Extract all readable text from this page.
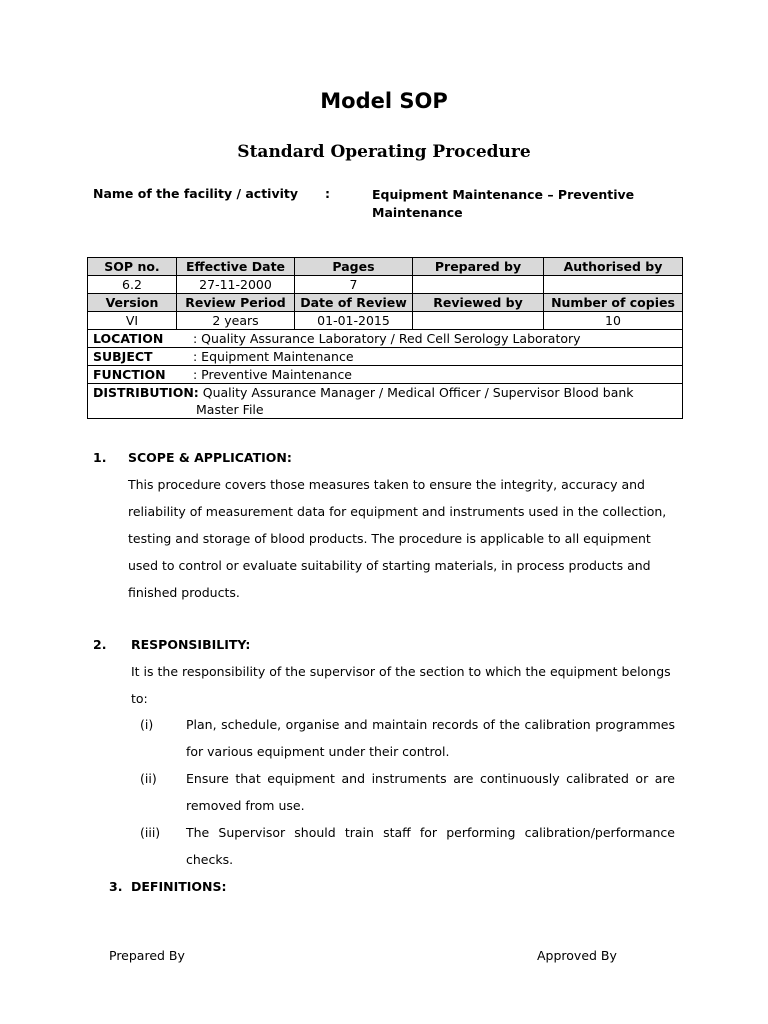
Model SOP
Standard Operating Procedure
Name of the facility / activity :	Equipment Maintenance – Preventive Maintenance
SOP no.	Effective Date	Pages	Prepared by	Authorised by
6.2	27-11-2000	7		
Version	Review Period	Date of Review	Reviewed by	Number of copies
VI	2 years	01-01-2015		10
LOCATION : Quality Assurance Laboratory / Red Cell Serology Laboratory				
SUBJECT : Equipment Maintenance				
FUNCTION : Preventive Maintenance				
DISTRIBUTION: Quality Assurance Manager / Medical Officer / Supervisor Blood bank
Master File				
1. SCOPE & APPLICATION:
This procedure covers those measures taken to ensure the integrity, accuracy and reliability of measurement data for equipment and instruments used in the collection, testing and storage of blood products. The procedure is applicable to all equipment used to control or evaluate suitability of starting materials, in process products and finished products.
2. RESPONSIBILITY:
It is the responsibility of the supervisor of the section to which the equipment belongs to:
(i)	Plan, schedule, organise and maintain records of the calibration programmes for various equipment under their control.
(ii) Ensure that equipment and instruments are continuously calibrated or are removed from use.
(iii) The Supervisor should train staff for performing calibration/performance checks.
3. DEFINITIONS:
Prepared By	Approved By
